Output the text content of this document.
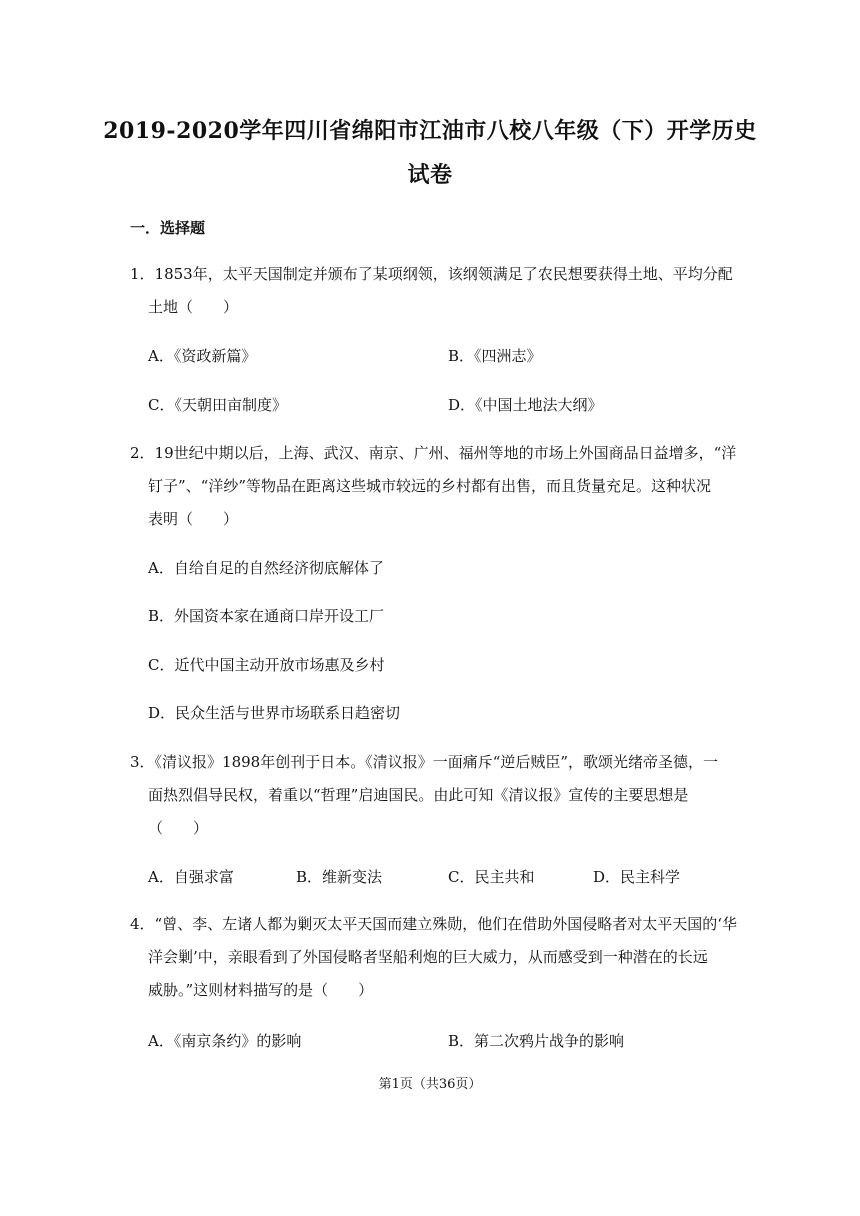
2019-2020学年四川省绵阳市江油市八校八年级（下）开学历史
试卷
一．选择题
1．1853年，太平天国制定并颁布了某项纲领，该纲领满足了农民想要获得土地、平均分配
土地（　　）
A．《资政新篇》	B．《四洲志》
C．《天朝田亩制度》	D．《中国土地法大纲》
2．19世纪中期以后，上海、武汉、南京、广州、福州等地的市场上外国商品日益增多，“洋
钉子”、“洋纱”等物品在距离这些城市较远的乡村都有出售，而且货量充足。这种状况
表明（　　）
A．自给自足的自然经济彻底解体了
B．外国资本家在通商口岸开设工厂
C．近代中国主动开放市场惠及乡村
D．民众生活与世界市场联系日趋密切
3．《清议报》1898年创刊于日本。《清议报》一面痛斥“逆后贼臣”，歌颂光绪帝圣德，一
面热烈倡导民权，着重以“哲理”启迪国民。由此可知《清议报》宣传的主要思想是
（　　）
A．自强求富	B．维新变法	C．民主共和	D．民主科学
4．“曾、李、左诸人都为剿灭太平天国而建立殊勋，他们在借助外国侵略者对太平天国的‘华
洋会剿’中，亲眼看到了外国侵略者坚船利炮的巨大威力，从而感受到一种潜在的长远
威胁。”这则材料描写的是（　　）
A．《南京条约》的影响	B．第二次鸦片战争的影响
第1页（共36页）
